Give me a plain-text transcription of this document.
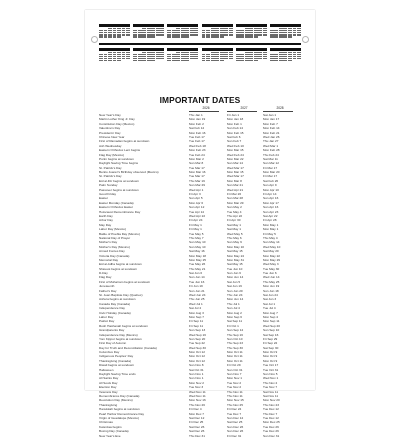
IMPORTANT DATES
2026	2027	2028
New Year's Day	Thu Jan 1	Fri Jan 1	Sat Jan 1
Martin Luther King Jr. Day	Mon Jan 19	Mon Jan 18	Mon Jan 17
Constitution Day (Mexico)	Mon Feb 2	Mon Feb 1	Mon Feb 7
Valentine's Day	Sat Feb 14	Sun Feb 14	Mon Feb 14
Presidents' Day	Mon Feb 16	Mon Feb 15	Mon Feb 21
Chinese New Year	Tue Feb 17	Sat Feb 6	Wed Jan 26
First of Ramadan begins at sundown	Tue Feb 17	Sun Feb 7	Thu Jan 27
Ash Wednesday	Wed Feb 18	Wed Feb 10	Wed Mar 1
Eastern Orthodox Lent begins	Mon Feb 23	Mon Mar 15	Mon Feb 28
Flag Day (Mexico)	Tue Feb 24	Wed Feb 24	Thu Feb 24
Purim begins at sundown	Mon Mar 2	Mon Mar 22	Sat Mar 11
Daylight Saving Time begins	Sun Mar 8	Sun Mar 14	Sun Mar 12
St. Patrick's Day	Tue Mar 17	Wed Mar 17	Fri Mar 17
Benito Juarez's Birthday observed (Mexico)	Mon Mar 16	Mon Mar 15	Mon Mar 20
St. Patrick's Day	Tue Mar 17	Wed Mar 17	Fri Mar 17
Eid al-Fitr begins at sundown	Thu Mar 19	Mon Mar 8	Sat Feb 26
Palm Sunday	Sun Mar 29	Sun Mar 21	Sun Apr 9
Passover begins at sundown	Wed Apr 1	Wed Apr 21	Mon Apr 10
Good Friday	Fri Apr 3	Fri Mar 26	Fri Apr 14
Easter	Sun Apr 5	Sun Mar 28	Sun Apr 16
Easter Monday (Canada)	Mon Apr 6	Mon Mar 29	Mon Apr 17
Eastern Orthodox Easter	Sun Apr 12	Sun May 2	Sun Apr 16
Holocaust Remembrance Day	Tue Apr 14	Tue May 4	Sun Apr 23
Earth Day	Wed Apr 22	Thu Apr 22	Sat Apr 22
Arbor Day	Fri Apr 24	Fri Apr 30	Fri Apr 28
May Day	Fri May 1	Sat May 1	Mon May 1
Labor Day (Mexico)	Fri May 1	Sat May 1	Mon May 1
Battle of Puebla Day (Mexico)	Tue May 5	Wed May 5	Fri May 5
National Day of Prayer	Thu May 7	Thu May 6	Thu May 4
Mother's Day	Sun May 10	Sun May 9	Sun May 14
Mother's Day (Mexico)	Sun May 10	Mon May 10	Wed May 10
Armed Forces Day	Sat May 16	Sat May 15	Sat May 20
Victoria Day (Canada)	Mon May 18	Mon May 24	Mon May 22
Memorial Day	Mon May 25	Mon May 31	Mon May 29
Eid al-Adha begins at sundown	Tue May 26	Sat May 15	Wed May 3
Shavuot begins at sundown	Thu May 21	Tue Jun 10	Tue May 30
D-Day	Sat Jun 6	Sun Jun 6	Tue Jun 6
Flag Day	Sun Jun 14	Mon Jun 14	Wed Jun 14
First of Muharram begins at sundown	Tue Jun 16	Sat Jun 5	Thu May 25
Juneteenth	Fri Jun 19	Sat Jun 19	Mon Jun 19
Father's Day	Sun Jun 21	Sun Jun 20	Sun Jun 18
St. Jean Baptiste Day (Quebec)	Wed Jun 24	Thu Jun 24	Sat Jun 24
Ashura begins at sundown	Thu Jun 25	Mon Jun 14	Sat Jun 3
Canada Day (Canada)	Wed Jul 1	Thu Jul 1	Sat Jul 1
Independence Day	Sat Jul 4	Sun Jul 4	Tue Jul 4
Civic Holiday (Canada)	Mon Aug 3	Mon Aug 2	Mon Aug 7
Labor Day	Mon Sep 7	Mon Sep 6	Mon Sep 4
Patriot Day	Fri Sep 11	Sat Sep 11	Mon Sep 11
Rosh Hashanah begins at sundown	Fri Sep 11	Fri Oct 1	Wed Sep 20
Grandparents Day	Sun Sep 13	Sun Sep 12	Sun Sep 10
Independence Day (Mexico)	Wed Sep 16	Thu Sep 16	Sat Sep 16
Yom Kippur begins at sundown	Sun Sep 20	Sun Oct 10	Fri Sep 29
First Day of Autumn	Tue Sep 22	Thu Sep 23	Fri Sep 22
Day for Truth and Reconciliation (Canada)	Wed Sep 30	Thu Sep 30	Sat Sep 30
Columbus Day	Mon Oct 12	Mon Oct 11	Mon Oct 9
Indigenous Peoples' Day	Mon Oct 12	Mon Oct 11	Mon Oct 9
Thanksgiving (Canada)	Mon Oct 12	Mon Oct 11	Mon Oct 9
Diwali begins at sundown	Sun Nov 8	Fri Oct 29	Tue Oct 17
Halloween	Sat Oct 31	Sun Oct 31	Tue Oct 31
Daylight Saving Time ends	Sun Nov 1	Sun Nov 7	Sun Nov 5
All Saints Day	Sun Nov 1	Mon Nov 1	Wed Nov 1
All Souls Day	Mon Nov 2	Tue Nov 2	Thu Nov 2
Election Day	Tue Nov 3	Tue Nov 2	Tue Nov 7
Veterans Day	Wed Nov 11	Thu Nov 11	Sat Nov 11
Remembrance Day (Canada)	Wed Nov 11	Thu Nov 11	Sat Nov 11
Revolution Day (Mexico)	Mon Nov 16	Mon Nov 15	Mon Nov 20
Thanksgiving	Thu Nov 26	Thu Nov 25	Thu Nov 23
Hanukkah begins at sundown	Fri Dec 4	Fri Dec 24	Tue Dec 12
Pearl Harbor Remembrance Day	Mon Dec 7	Tue Dec 7	Thu Dec 7
Virgin of Guadalupe (Mexico)	Sat Dec 12	Sun Dec 12	Tue Dec 12
Christmas	Fri Dec 25	Sat Dec 25	Mon Dec 25
Kwanzaa begins	Sat Dec 26	Sun Dec 26	Tue Dec 26
Boxing Day (Canada)	Sat Dec 26	Sun Dec 26	Tue Dec 26
New Year's Eve	Thu Dec 31	Fri Dec 31	Sun Dec 31
